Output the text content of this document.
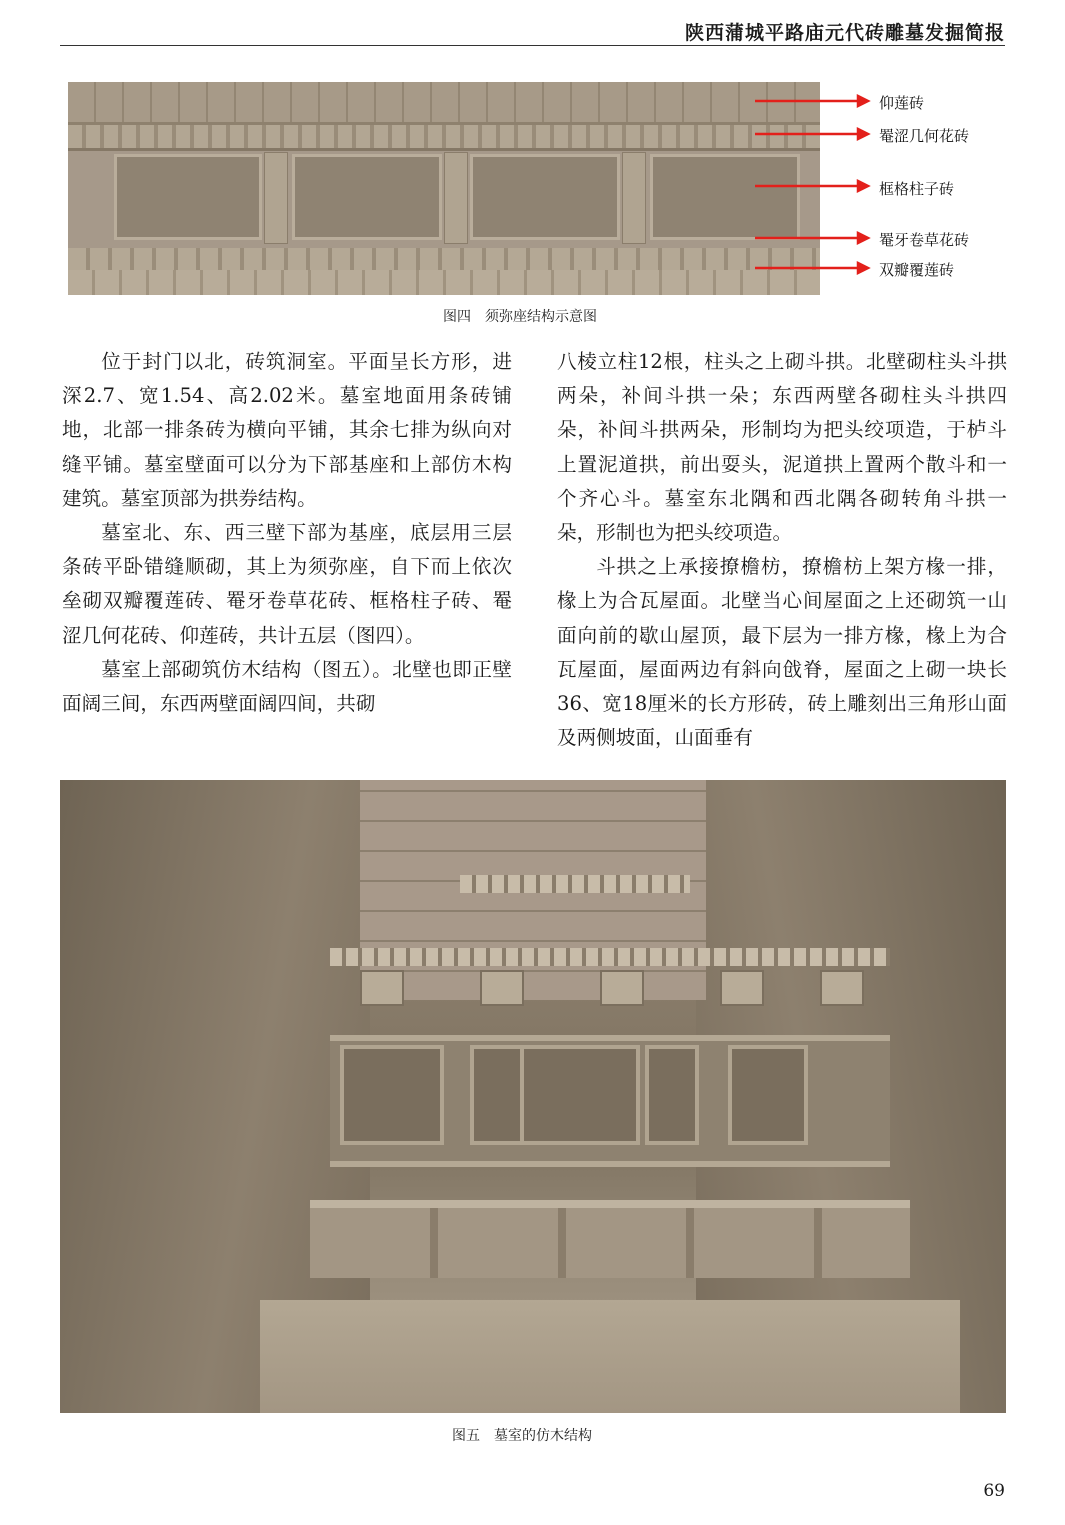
陕西蒲城平路庙元代砖雕墓发掘简报
仰莲砖
罨涩几何花砖
框格柱子砖
罨牙卷草花砖
双瓣覆莲砖
图四　须弥座结构示意图

位于封门以北，砖筑洞室。平面呈长方形，进深2.7、宽1.54、高2.02米。墓室地面用条砖铺地，北部一排条砖为横向平铺，其余七排为纵向对缝平铺。墓室壁面可以分为下部基座和上部仿木构建筑。墓室顶部为拱券结构。

墓室北、东、西三壁下部为基座，底层用三层条砖平卧错缝顺砌，其上为须弥座，自下而上依次垒砌双瓣覆莲砖、罨牙卷草花砖、框格柱子砖、罨涩几何花砖、仰莲砖，共计五层（图四）。

墓室上部砌筑仿木结构（图五）。北壁也即正壁面阔三间，东西两壁面阔四间，共砌

八棱立柱12根，柱头之上砌斗拱。北壁砌柱头斗拱两朵，补间斗拱一朵；东西两壁各砌柱头斗拱四朵，补间斗拱两朵，形制均为把头绞项造，于栌斗上置泥道拱，前出耍头，泥道拱上置两个散斗和一个齐心斗。墓室东北隅和西北隅各砌转角斗拱一朵，形制也为把头绞项造。

斗拱之上承接撩檐枋，撩檐枋上架方椽一排，椽上为合瓦屋面。北壁当心间屋面之上还砌筑一山面向前的歇山屋顶，最下层为一排方椽，椽上为合瓦屋面，屋面两边有斜向戗脊，屋面之上砌一块长36、宽18厘米的长方形砖，砖上雕刻出三角形山面及两侧坡面，山面垂有

图五　墓室的仿木结构
69
